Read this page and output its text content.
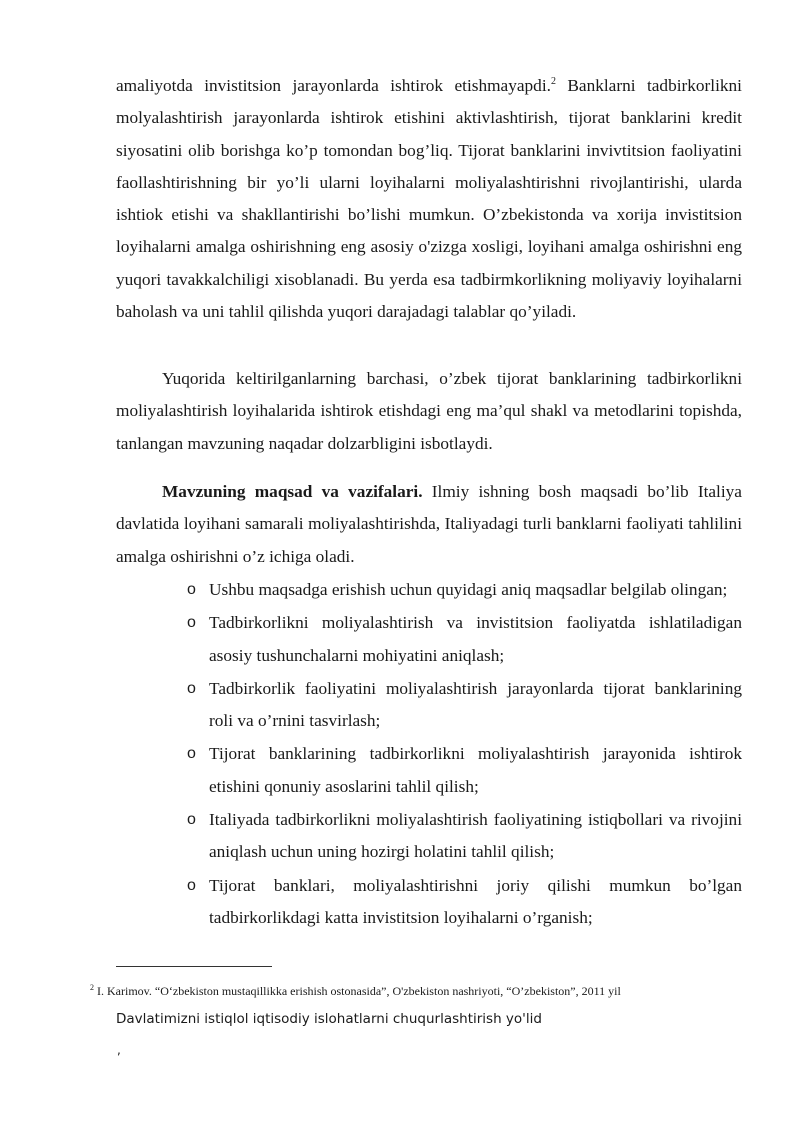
amaliyotda invistitsion jarayonlarda ishtirok etishmayapdi.$^2$ Banklarni tadbirkorlikni molyalashtirish jarayonlarda ishtirok etishini aktivlashtirish, tijorat banklarini kredit siyosatini olib borishga ko’p tomondan bog’liq. Tijorat banklarini invivtitsion faoliyatini faollashtirishning bir yo’li ularni loyihalarni moliyalashtirishni rivojlantirishi, ularda ishtiok etishi va shakllantirishi bo’lishi mumkun. O’zbekistonda va xorija invistitsion loyihalarni amalga oshirishning eng asosiy o'zizga xosligi, loyihani amalga oshirishni eng yuqori tavakkalchiligi xisoblanadi. Bu yerda esa tadbirmkorlikning moliyaviy loyihalarni baholash va uni tahlil qilishda yuqori darajadagi talablar qo’yiladi.

Yuqorida keltirilganlarning barchasi, o’zbek tijorat banklarining tadbirkorlikni moliyalashtirish loyihalarida ishtirok etishdagi eng ma’qul shakl va metodlarini topishda, tanlangan mavzuning naqadar dolzarbligini isbotlaydi.

Mavzuning maqsad va vazifalari. Ilmiy ishning bosh maqsadi bo’lib Italiya davlatida loyihani samarali moliyalashtirishda, Italiyadagi turli banklarni faoliyati tahlilini amalga oshirishni o’z ichiga oladi.

o Ushbu maqsadga erishish uchun quyidagi aniq maqsadlar belgilab olingan;
o Tadbirkorlikni moliyalashtirish va invistitsion faoliyatda ishlatiladigan asosiy tushunchalarni mohiyatini aniqlash;
o Tadbirkorlik faoliyatini moliyalashtirish jarayonlarda tijorat banklarining roli va o’rnini tasvirlash;
o Tijorat banklarining tadbirkorlikni moliyalashtirish jarayonida ishtirok etishini qonuniy asoslarini tahlil qilish;
o Italiyada tadbirkorlikni moliyalashtirish faoliyatining istiqbollari va rivojini aniqlash uchun uning hozirgi holatini tahlil qilish;
o Tijorat banklari, moliyalashtirishni joriy qilishi mumkun bo’lgan tadbirkorlikdagi katta invistitsion loyihalarni o’rganish;
$^2$ I. Karimov. “O‘zbekiston mustaqillikka erishish ostonasida”, O'zbekiston nashriyoti, “O’zbekiston”, 2011 yil
Davlatimizni istiqlol iqtisodiy islohatlarni chuqurlashtirish yo'lid
,
